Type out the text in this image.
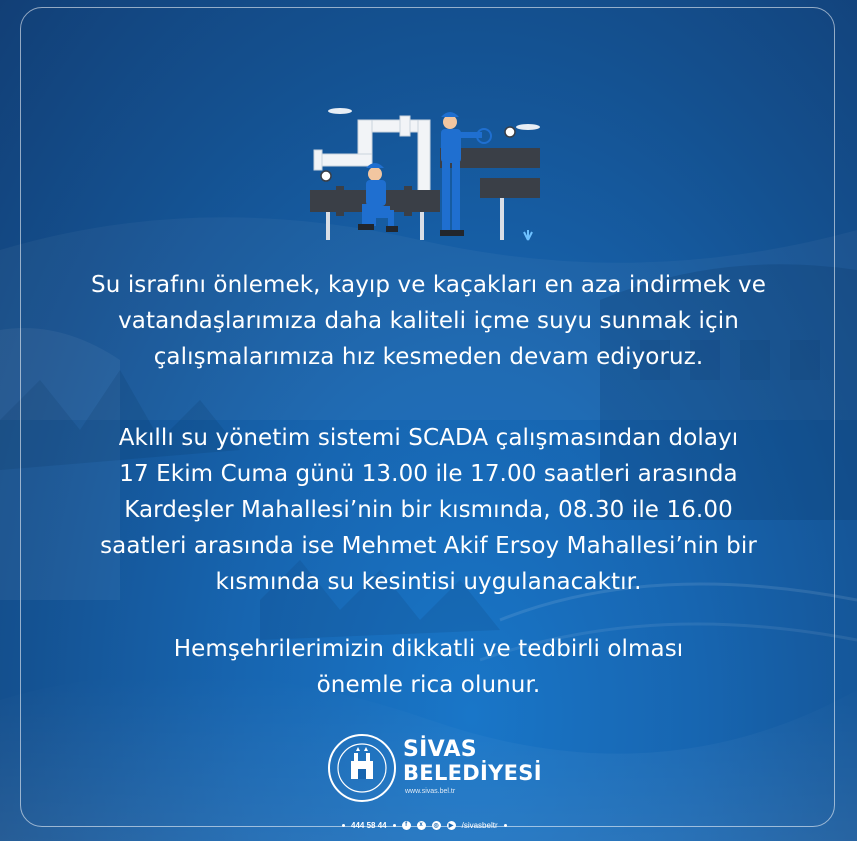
Su israfını önlemek, kayıp ve kaçakları en aza indirmek ve
vatandaşlarımıza daha kaliteli içme suyu sunmak için
çalışmalarımıza hız kesmeden devam ediyoruz.
Akıllı su yönetim sistemi SCADA çalışmasından dolayı
17 Ekim Cuma günü 13.00 ile 17.00 saatleri arasında
Kardeşler Mahallesi’nin bir kısmında, 08.30 ile 16.00
saatleri arasında ise Mehmet Akif Ersoy Mahallesi’nin bir
kısmında su kesintisi uygulanacaktır.
Hemşehrilerimizin dikkatli ve tedbirli olması
önemle rica olunur.
SİVAS
BELEDİYESİ
www.sivas.bel.tr
444 58 44	f	x	◎	▶ /sivasbeltr
